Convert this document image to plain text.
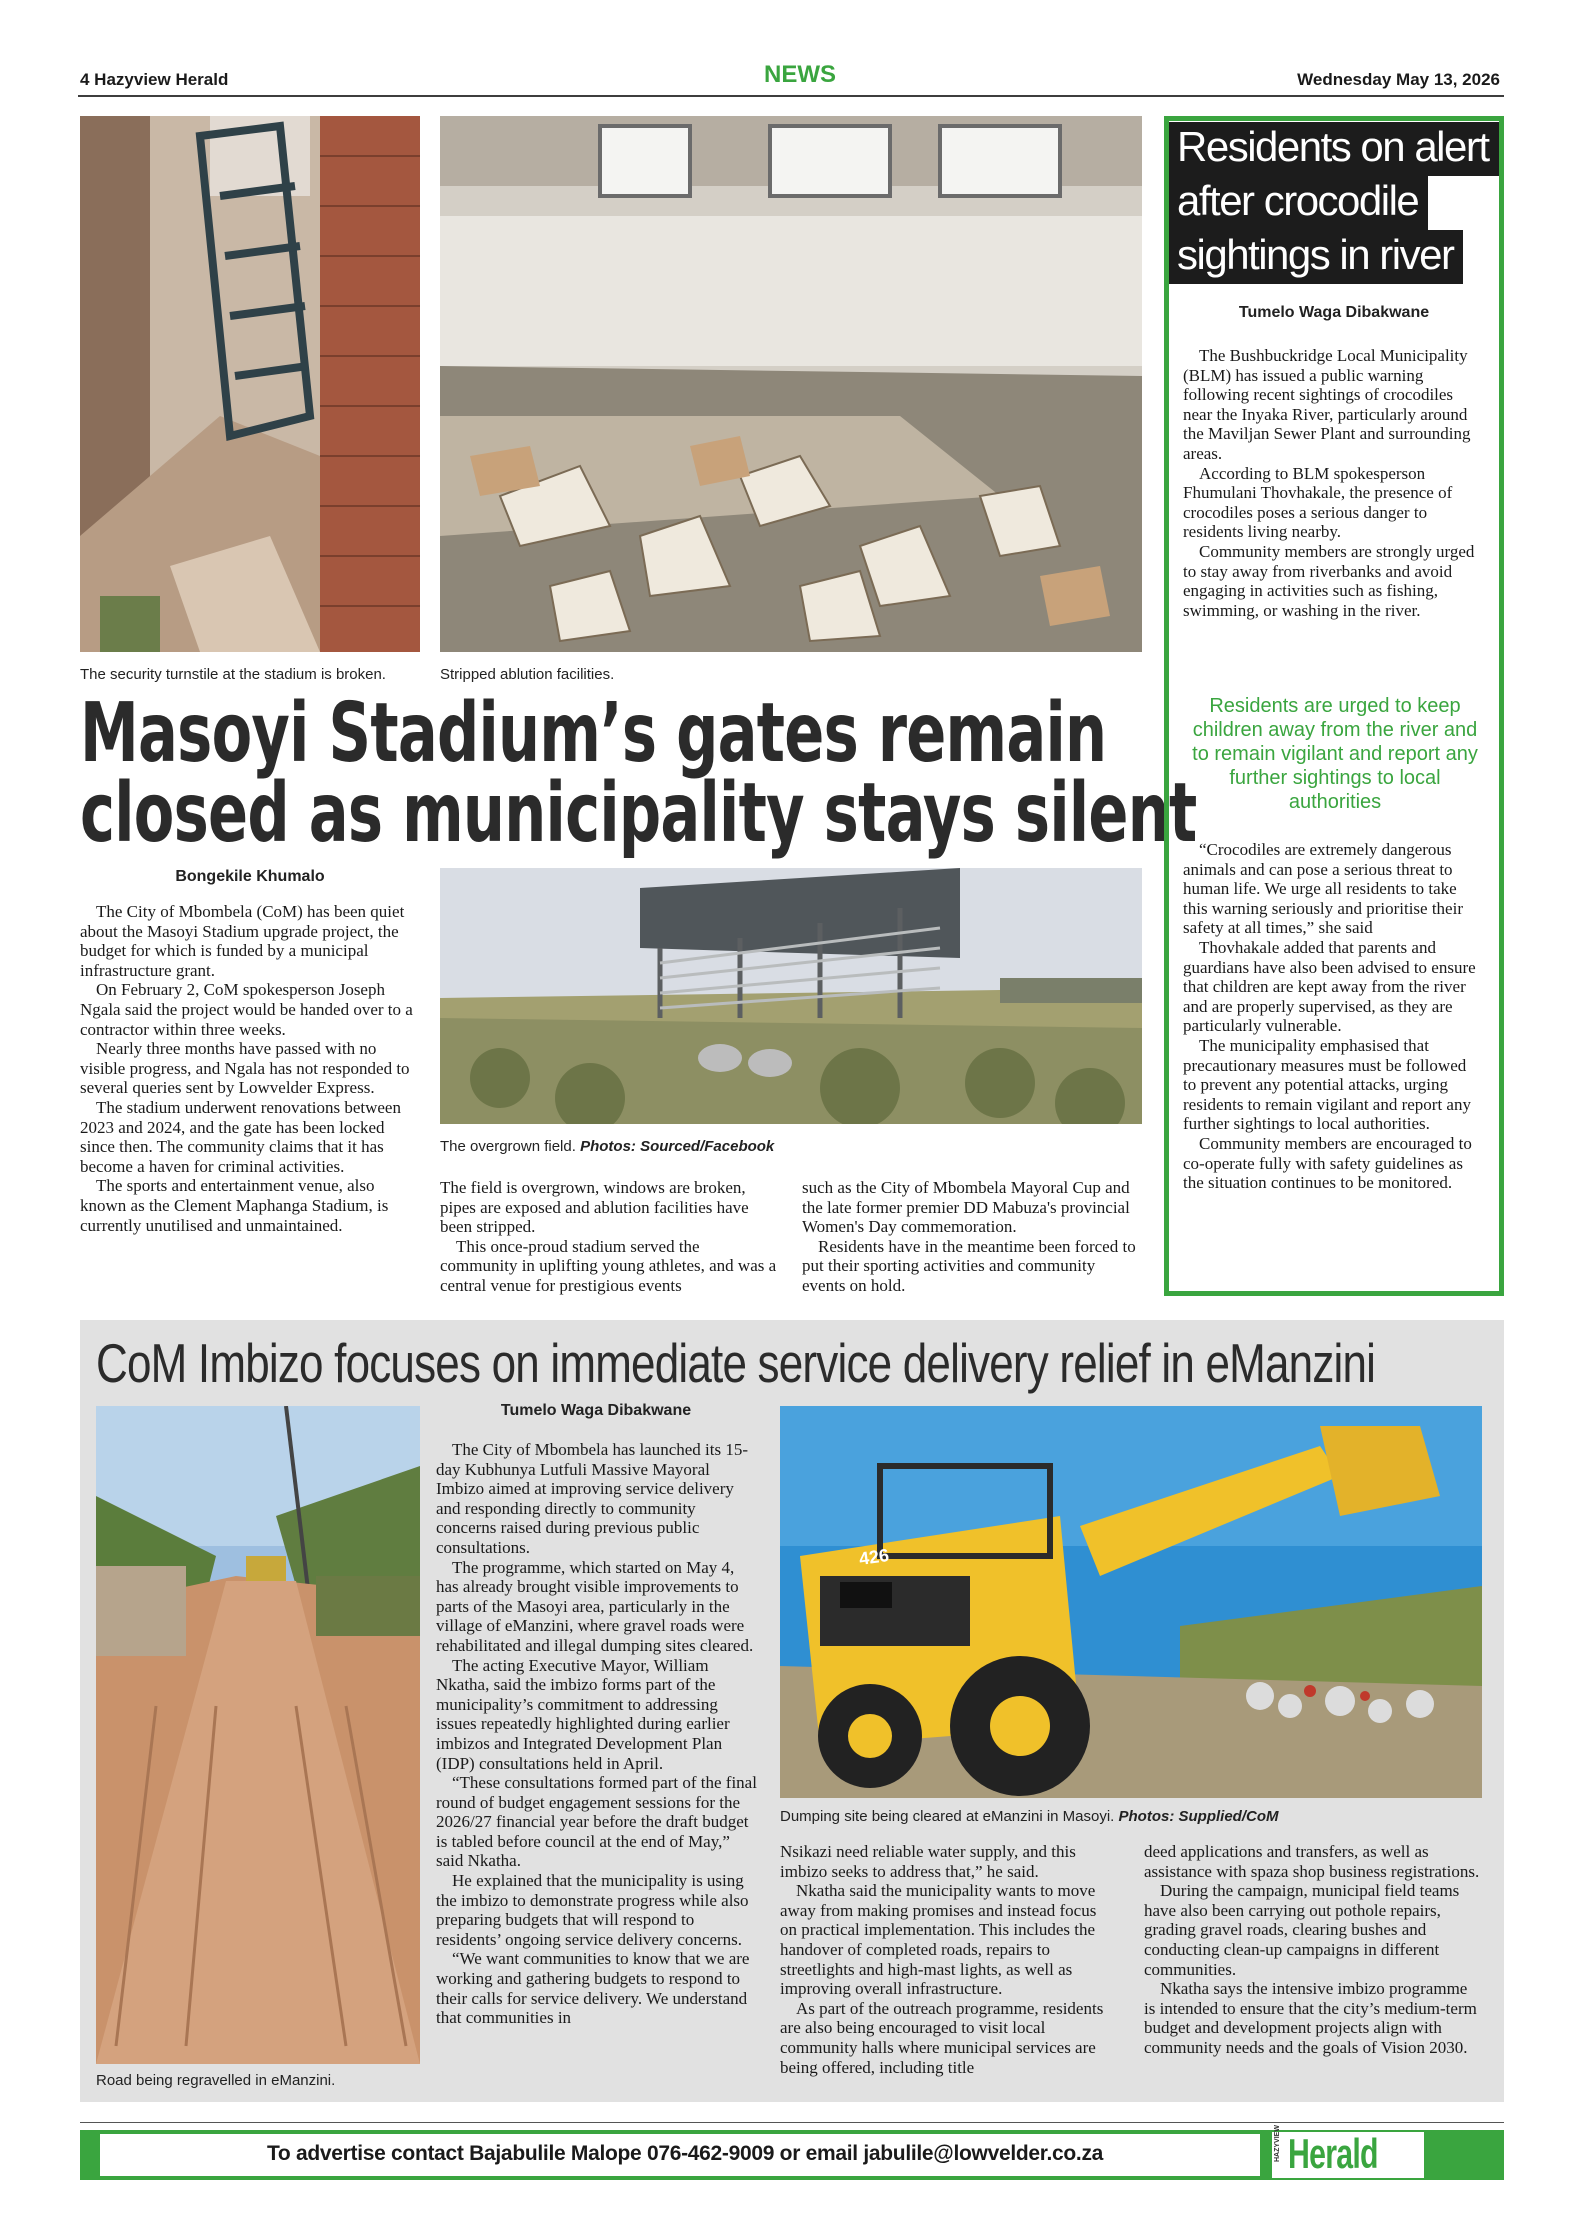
4 Hazyview Herald	NEWS	Wednesday May 13, 2026
The security turnstile at the stadium is broken.	Stripped ablution facilities.
Masoyi Stadium’s gates remain
closed as municipality stays silent
Bongekile Khumalo

The City of Mbombela (CoM) has been quiet about the Masoyi Stadium upgrade project, the budget for which is funded by a municipal infrastructure grant.

On February 2, CoM spokesperson Joseph Ngala said the project would be handed over to a contractor within three weeks.

Nearly three months have passed with no visible progress, and Ngala has not responded to several queries sent by Lowvelder Express.

The stadium underwent renovations between 2023 and 2024, and the gate has been locked since then. The community claims that it has become a haven for criminal activities.

The sports and entertainment venue, also known as the Clement Maphanga Stadium, is currently unutilised and unmaintained.

The overgrown field. Photos: Sourced/Facebook

The field is overgrown, windows are broken, pipes are exposed and ablution facilities have been stripped.

This once-proud stadium served the community in uplifting young athletes, and was a central venue for prestigious events

such as the City of Mbombela Mayoral Cup and the late former premier DD Mabuza's provincial Women's Day commemoration.

Residents have in the meantime been forced to put their sporting activities and community events on hold.

Residents on alert
after crocodile
sightings in river
Tumelo Waga Dibakwane

The Bushbuckridge Local Municipality (BLM) has issued a public warning following recent sightings of crocodiles near the Inyaka River, particularly around the Maviljan Sewer Plant and surrounding areas.

According to BLM spokesperson Fhumulani Thovhakale, the presence of crocodiles poses a serious danger to residents living nearby.

Community members are strongly urged to stay away from riverbanks and avoid engaging in activities such as fishing, swimming, or washing in the river.

Residents are urged to keep children away from the river and to remain vigilant and report any further sightings to local authorities

“Crocodiles are extremely dangerous animals and can pose a serious threat to human life. We urge all residents to take this warning seriously and prioritise their safety at all times,” she said

Thovhakale added that parents and guardians have also been advised to ensure that children are kept away from the river and are properly supervised, as they are particularly vulnerable.

The municipality emphasised that precautionary measures must be followed to prevent any potential attacks, urging residents to remain vigilant and report any further sightings to local authorities.

Community members are encouraged to co-operate fully with safety guidelines as the situation continues to be monitored.

CoM Imbizo focuses on immediate service delivery relief in eManzini
Tumelo Waga Dibakwane
Road being regravelled in eManzini.

The City of Mbombela has launched its 15-day Kubhunya Lutfuli Massive Mayoral Imbizo aimed at improving service delivery and responding directly to community concerns raised during previous public consultations.

The programme, which started on May 4, has already brought visible improvements to parts of the Masoyi area, particularly in the village of eManzini, where gravel roads were rehabilitated and illegal dumping sites cleared.

The acting Executive Mayor, William Nkatha, said the imbizo forms part of the municipality’s commitment to addressing issues repeatedly highlighted during earlier imbizos and Integrated Development Plan (IDP) consultations held in April.

“These consultations formed part of the final round of budget engagement sessions for the 2026/27 financial year before the draft budget is tabled before council at the end of May,” said Nkatha.

He explained that the municipality is using the imbizo to demonstrate progress while also preparing budgets that will respond to residents’ ongoing service delivery concerns.

“We want communities to know that we are working and gathering budgets to respond to their calls for service delivery. We understand that communities in

426
Dumping site being cleared at eManzini in Masoyi. Photos: Supplied/CoM

Nsikazi need reliable water supply, and this imbizo seeks to address that,” he said.

Nkatha said the municipality wants to move away from making promises and instead focus on practical implementation. This includes the handover of completed roads, repairs to streetlights and high-mast lights, as well as improving overall infrastructure.

As part of the outreach programme, residents are also being encouraged to visit local community halls where municipal services are being offered, including title

deed applications and transfers, as well as assistance with spaza shop business registrations.

During the campaign, municipal field teams have also been carrying out pothole repairs, grading gravel roads, clearing bushes and conducting clean-up campaigns in different communities.

Nkatha says the intensive imbizo programme is intended to ensure that the city’s medium-term budget and development projects align with community needs and the goals of Vision 2030.

To advertise contact Bajabulile Malope 076-462-9009 or email jabulile@lowvelder.co.za	HAZYVIEW Herald
